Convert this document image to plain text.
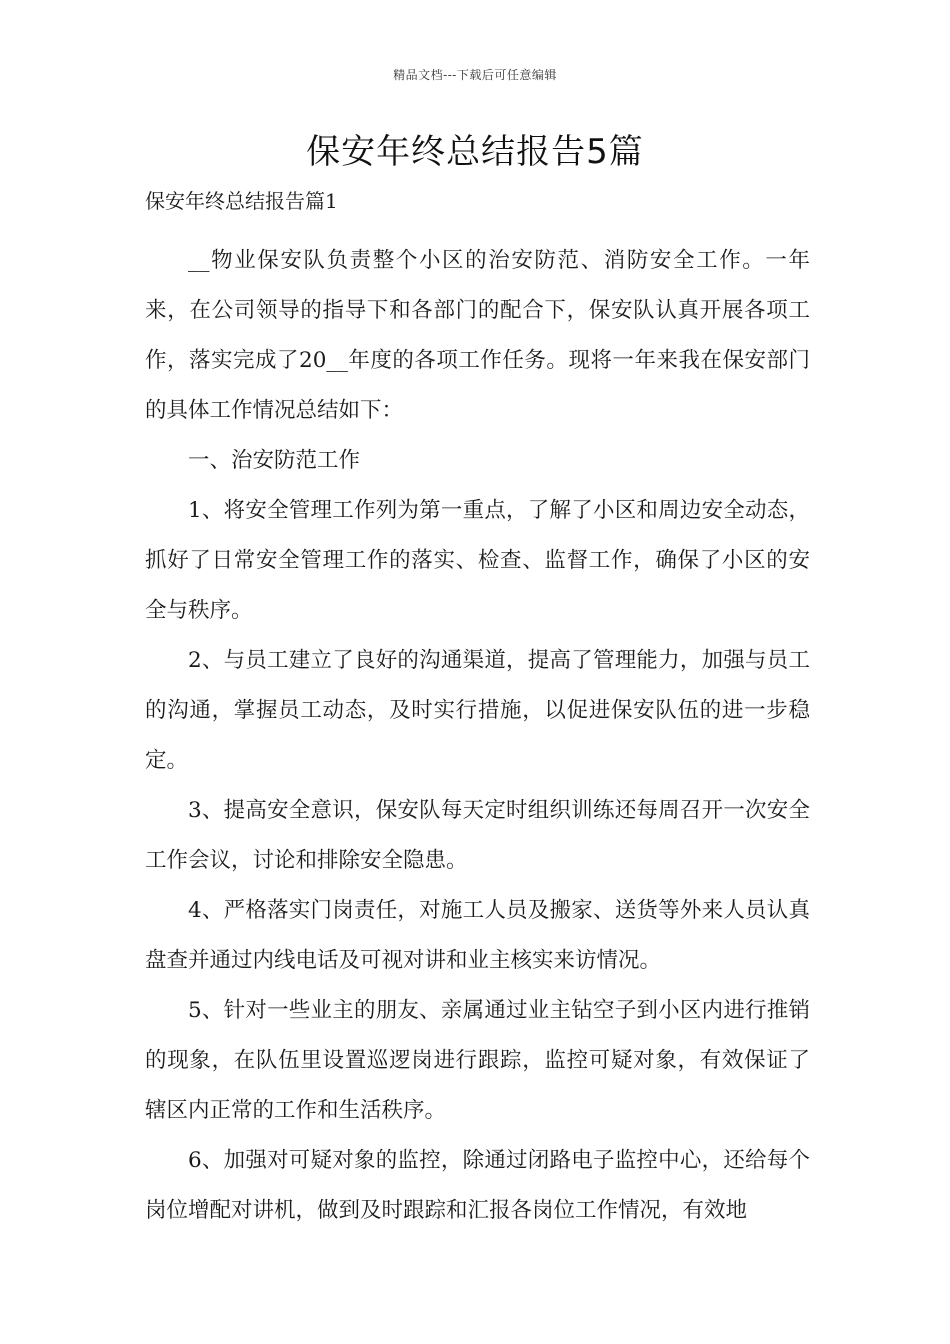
精品文档---下载后可任意编辑
保安年终总结报告5篇
保安年终总结报告篇1

__物业保安队负责整个小区的治安防范、消防安全工作。一年来，在公司领导的指导下和各部门的配合下，保安队认真开展各项工作，落实完成了20__年度的各项工作任务。现将一年来我在保安部门的具体工作情况总结如下：

一、治安防范工作

1、将安全管理工作列为第一重点，了解了小区和周边安全动态，抓好了日常安全管理工作的落实、检查、监督工作，确保了小区的安全与秩序。

2、与员工建立了良好的沟通渠道，提高了管理能力，加强与员工的沟通，掌握员工动态，及时实行措施，以促进保安队伍的进一步稳定。

3、提高安全意识，保安队每天定时组织训练还每周召开一次安全工作会议，讨论和排除安全隐患。

4、严格落实门岗责任，对施工人员及搬家、送货等外来人员认真盘查并通过内线电话及可视对讲和业主核实来访情况。

5、针对一些业主的朋友、亲属通过业主钻空子到小区内进行推销的现象，在队伍里设置巡逻岗进行跟踪，监控可疑对象，有效保证了辖区内正常的工作和生活秩序。

6、加强对可疑对象的监控，除通过闭路电子监控中心，还给每个岗位增配对讲机，做到及时跟踪和汇报各岗位工作情况，有效地
